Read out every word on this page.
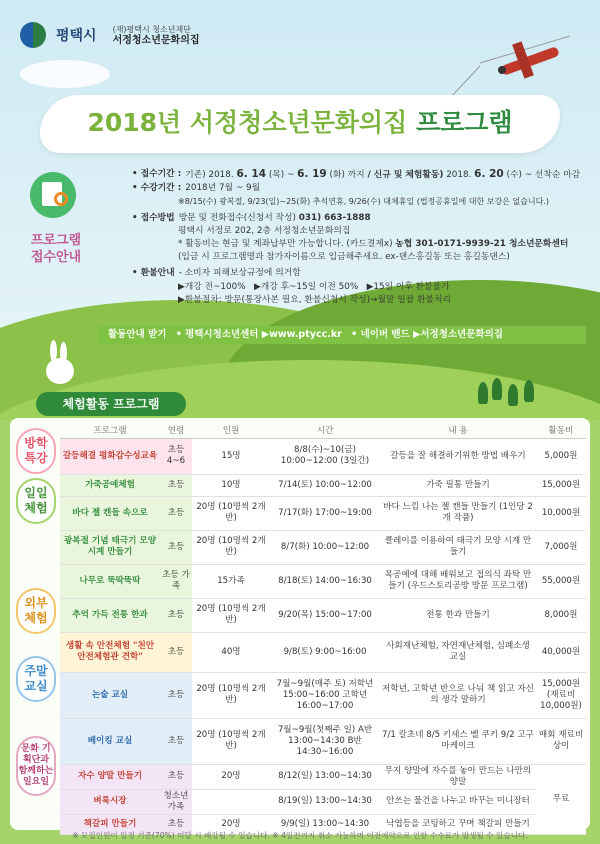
평택시 (재)평택시 청소년재단
서정청소년문화의집
2018년 서정청소년문화의집 프로그램
프로그램
접수안내
• 접수기간 : 기존) 2018. 6. 14 (목) ~ 6. 19 (화) 까지 / 신규 및 체험활동) 2018. 6. 20 (수) ~ 선착순 마감
• 수강기간 : 2018년 7월 ~ 9월
※8/15(수) 광복절, 9/23(일)~25(화) 추석연휴, 9/26(수) 대체휴일 (법정공휴일에 대한 보강은 없습니다.)
• 접수방법 방문 및 전화접수(신청서 작성) 031) 663-1888
평택시 서정로 202, 2층 서정청소년문화의집
* 활동비는 현금 및 계좌납부만 가능합니다. (카드결제x) 농협 301-0171-9939-21 청소년문화센터
(입금 시 프로그램명과 참가자이름으로 입금해주세요. ex-댄스홍길동 또는 홍길동댄스)
• 환불안내 - 소비자 피해보상규정에 의거함
▶개강 전~100% ▶개강 후~15일 이전 50% ▶15일 이후 환불불가
▶환불절차: 방문(통장사본 필요, 환불신청서 작성)→월말 일괄 환불처리
활동안내 받기 • 평택시청소년센터 ▶www.ptycc.kr • 네이버 밴드 ▶서정청소년문화의집
체험활동 프로그램
방학 특강
일일 체험
외부 체험
주말 교실
문화 기획단과 함께하는 일요일
프로그램	연령	인원	시간	내 용	활동비
갈등해결 평화감수성교육	초등 4~6	15명	8/8(수)~10(금) 10:00~12:00 (3일간)	갈등을 잘 해결하기위한 방법 배우기	5,000원
가죽공예체험	초등	10명	7/14(토) 10:00~12:00	가죽 필통 만들기	15,000원
바다 젤 캔들 속으로	초등	20명 (10명씩 2개반)	7/17(화) 17:00~19:00	바다 느낌 나는 젤 캔들 만들기 (1인당 2개 작품)	10,000원
광복절 기념 태극기 모양 시계 만들기	초등	20명 (10명씩 2개반)	8/7(화) 10:00~12:00	클레이를 이용하여 태극기 모양 시계 만들기	7,000원
나무로 뚝딱뚝딱	초등 가족	15가족	8/18(토) 14:00~16:30	목공예에 대해 배워보고 접의식 좌탁 만들기 (우드스토리공방 방문 프로그램)	55,000원
추억 가득 전통 한과	초등	20명 (10명씩 2개반)	9/20(목) 15:00~17:00	전통 한과 만들기	8,000원
생활 속 안전체험 "천안 안전체험관 견학"	초등	40명	9/8(토) 9:00~16:00	사회재난체험, 자연재난체험, 심폐소생 교실	40,000원
논술 교실	초등	20명 (10명씩 2개반)	7월~9월(매주 토) 저학년 15:00~16:00 고학년 16:00~17:00	저학년, 고학년 반으로 나눠 책 읽고 자신의 생각 말하기	15,000원 (재료비 10,000원)
베이킹 교실	초등	20명 (10명씩 2개반)	7월~9월(첫째주 일) A반 13:00~14:30 B반 14:30~16:00	7/1 칼초네 8/5 키세스 벨 쿠키 9/2 고구마케이크	매회 재료비 상이
자수 양말 만들기	초등	20명	8/12(일) 13:00~14:30	무지 양말에 자수를 놓아 만드는 나만의 양말	무료
벼룩시장	청소년 가족		8/19(일) 13:00~14:30	안쓰는 물건을 나누고 바꾸는 미니장터	
책갈피 만들기	초등	20명	9/9(일) 13:00~14:30	낙엽등을 코팅하고 꾸며 책갈피 만들기	
※ 모집인원이 일정 기준(70%) 미달 시 폐강될 수 있습니다. ※ 4일전까지 취소 가능하며 이전에약으로 인한 수수료가 발생될 수 있습니다.
